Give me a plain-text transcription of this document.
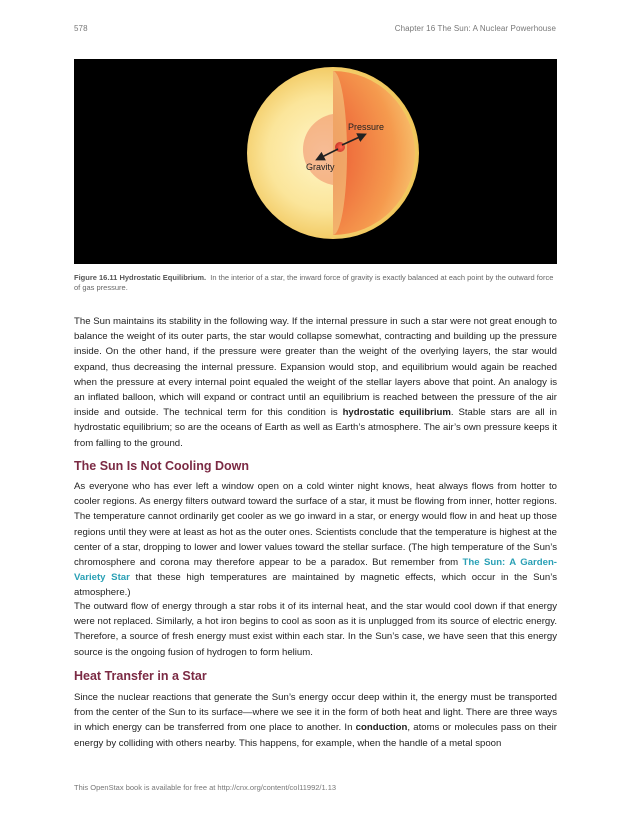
578	Chapter 16 The Sun: A Nuclear Powerhouse
Pressure
Gravity
Figure 16.11 Hydrostatic Equilibrium. In the interior of a star, the inward force of gravity is exactly balanced at each point by the outward force of gas pressure.

The Sun maintains its stability in the following way. If the internal pressure in such a star were not great enough to balance the weight of its outer parts, the star would collapse somewhat, contracting and building up the pressure inside. On the other hand, if the pressure were greater than the weight of the overlying layers, the star would expand, thus decreasing the internal pressure. Expansion would stop, and equilibrium would again be reached when the pressure at every internal point equaled the weight of the stellar layers above that point. An analogy is an inflated balloon, which will expand or contract until an equilibrium is reached between the pressure of the air inside and outside. The technical term for this condition is hydrostatic equilibrium. Stable stars are all in hydrostatic equilibrium; so are the oceans of Earth as well as Earth’s atmosphere. The air’s own pressure keeps it from falling to the ground.

The Sun Is Not Cooling Down

As everyone who has ever left a window open on a cold winter night knows, heat always flows from hotter to cooler regions. As energy filters outward toward the surface of a star, it must be flowing from inner, hotter regions. The temperature cannot ordinarily get cooler as we go inward in a star, or energy would flow in and heat up those regions until they were at least as hot as the outer ones. Scientists conclude that the temperature is highest at the center of a star, dropping to lower and lower values toward the stellar surface. (The high temperature of the Sun’s chromosphere and corona may therefore appear to be a paradox. But remember from The Sun: A Garden-Variety Star that these high temperatures are maintained by magnetic effects, which occur in the Sun’s atmosphere.)

The outward flow of energy through a star robs it of its internal heat, and the star would cool down if that energy were not replaced. Similarly, a hot iron begins to cool as soon as it is unplugged from its source of electric energy. Therefore, a source of fresh energy must exist within each star. In the Sun’s case, we have seen that this energy source is the ongoing fusion of hydrogen to form helium.

Heat Transfer in a Star

Since the nuclear reactions that generate the Sun’s energy occur deep within it, the energy must be transported from the center of the Sun to its surface—where we see it in the form of both heat and light. There are three ways in which energy can be transferred from one place to another. In conduction, atoms or molecules pass on their energy by colliding with others nearby. This happens, for example, when the handle of a metal spoon

This OpenStax book is available for free at http://cnx.org/content/col11992/1.13
